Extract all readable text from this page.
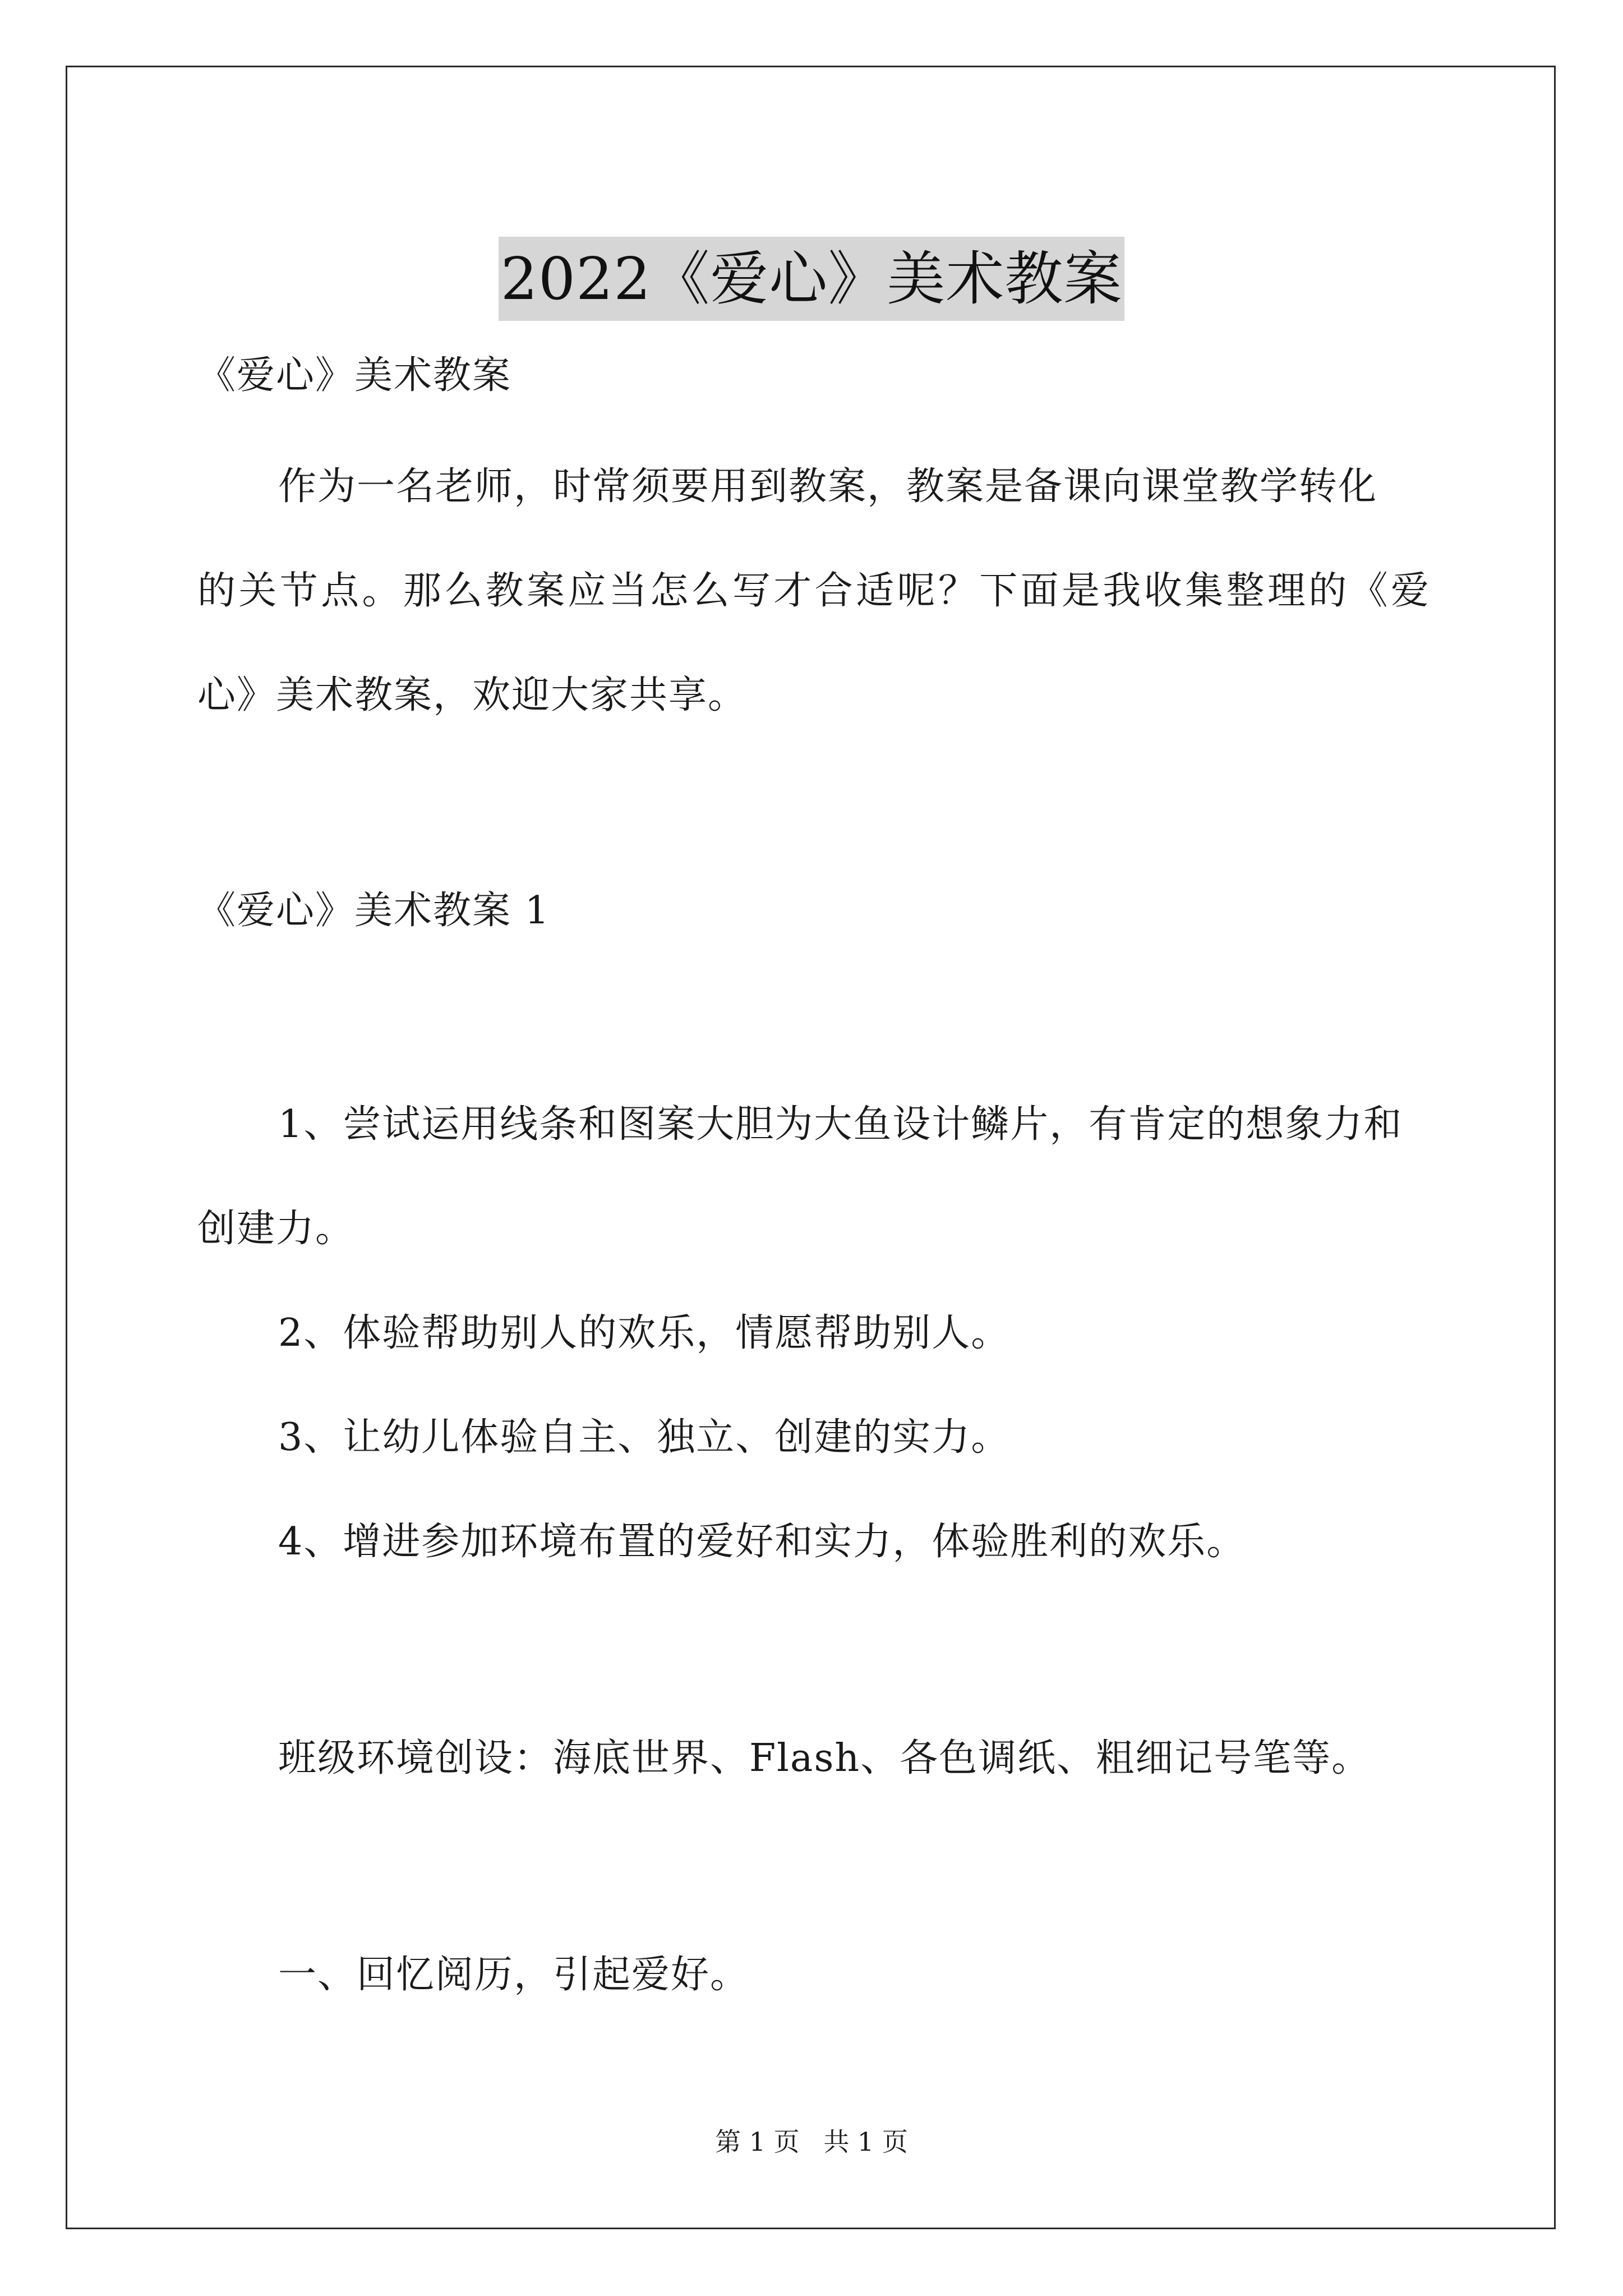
2022《爱心》美术教案
《爱心》美术教案
作为一名老师，时常须要用到教案，教案是备课向课堂教学转化
的关节点。那么教案应当怎么写才合适呢？下面是我收集整理的《爱
心》美术教案，欢迎大家共享。
《爱心》美术教案 1
1、尝试运用线条和图案大胆为大鱼设计鳞片，有肯定的想象力和
创建力。
2、体验帮助别人的欢乐，情愿帮助别人。
3、让幼儿体验自主、独立、创建的实力。
4、增进参加环境布置的爱好和实力，体验胜利的欢乐。
班级环境创设：海底世界、Flash、各色调纸、粗细记号笔等。
一、回忆阅历，引起爱好。
第 1 页 共 1 页
